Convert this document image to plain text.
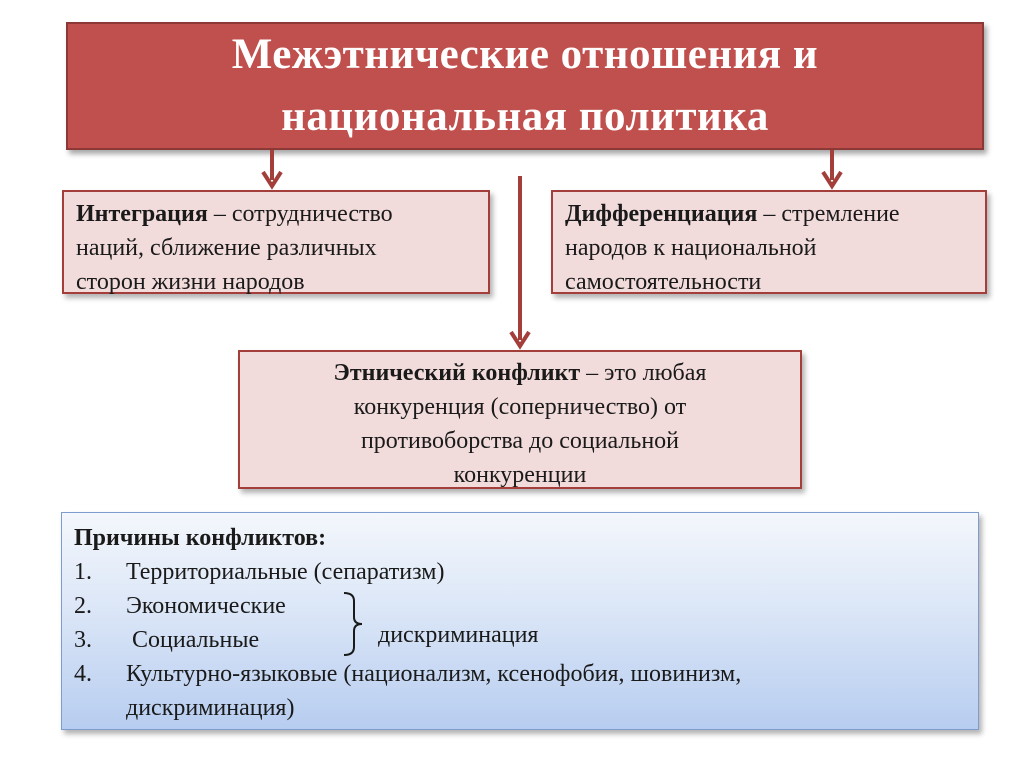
Межэтнические отношения и
национальная политика
Интеграция – сотрудничество
наций, сближение различных
сторон жизни народов
Дифференциация – стремление
народов к национальной
самостоятельности
Этнический конфликт – это любая
конкуренция (соперничество) от
противоборства до социальной
конкуренции
Причины конфликтов:
1. Территориальные (сепаратизм)
2. Экономические
3. Социальные
4. Культурно-языковые (национализм, ксенофобия, шовинизм,
дискриминация)
дискриминация
